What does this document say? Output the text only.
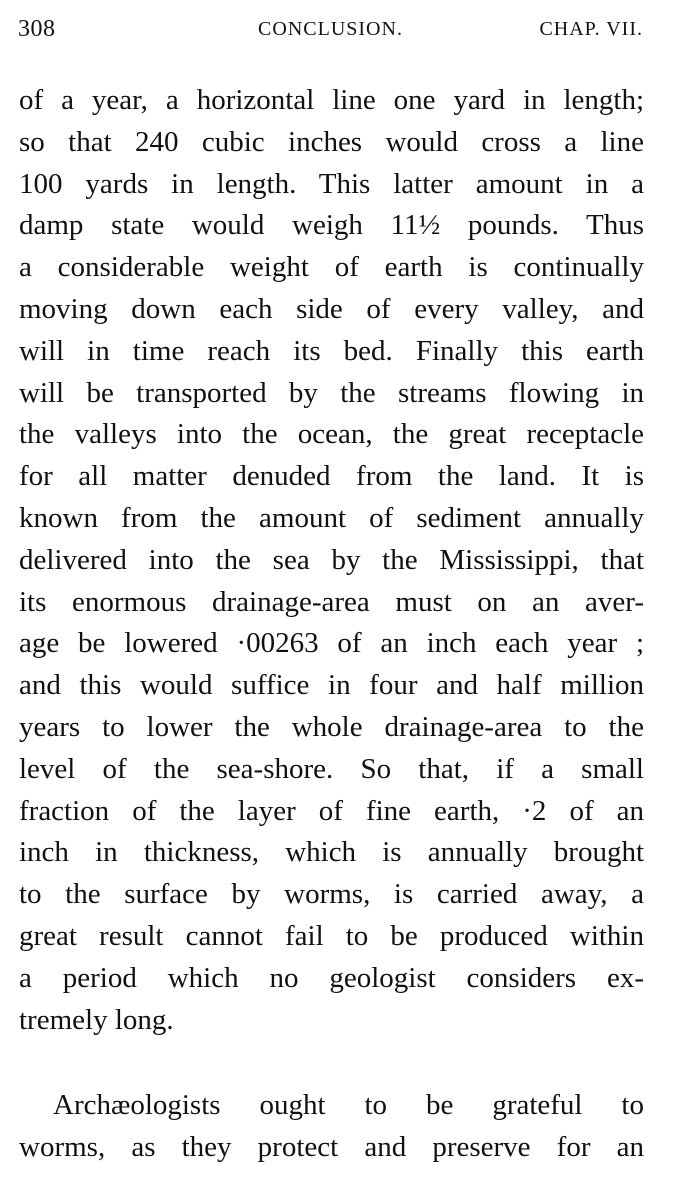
308	CONCLUSION.	CHAP. VII.
of a year, a horizontal line one yard in length;
so that 240 cubic inches would cross a line
100 yards in length. This latter amount in a
damp state would weigh 11½ pounds. Thus
a considerable weight of earth is continually
moving down each side of every valley, and
will in time reach its bed. Finally this earth
will be transported by the streams flowing in
the valleys into the ocean, the great receptacle
for all matter denuded from the land. It is
known from the amount of sediment annually
delivered into the sea by the Mississippi, that
its enormous drainage-area must on an aver-
age be lowered ·00263 of an inch each year ;
and this would suffice in four and half million
years to lower the whole drainage-area to the
level of the sea-shore. So that, if a small
fraction of the layer of fine earth, ·2 of an
inch in thickness, which is annually brought
to the surface by worms, is carried away, a
great result cannot fail to be produced within
a period which no geologist considers ex-
tremely long.
Archæologists ought to be grateful to
worms, as they protect and preserve for an
